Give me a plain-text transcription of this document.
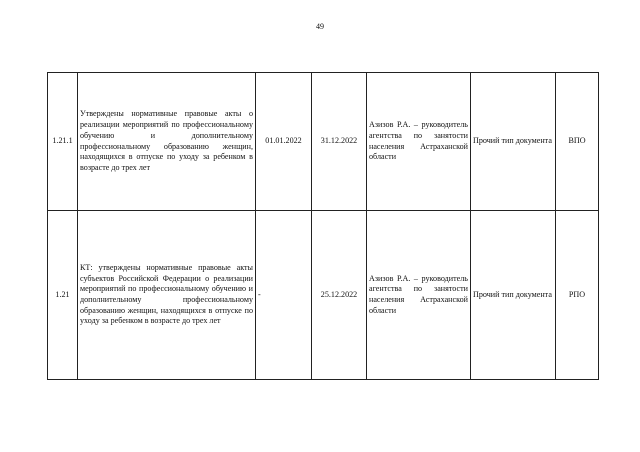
49
1.21.1	Утверждены нормативные правовые акты о реализации мероприятий по профессиональному обучению и дополнительному профессиональному образованию женщин, находящихся в отпуске по уходу за ребенком в возрасте до трех лет	01.01.2022	31.12.2022	Азизов Р.А. – руководитель агентства по занятости населения Астраханской области	Прочий тип документа	ВПО
1.21	КТ: утверждены нормативные правовые акты субъектов Российской Федерации о реализации мероприятий по профессиональному обучению и дополнительному профессиональному образованию женщин, находящихся в отпуске по уходу за ребенком в возрасте до трех лет	-	25.12.2022	Азизов Р.А. – руководитель агентства по занятости населения Астраханской области	Прочий тип документа	РПО
